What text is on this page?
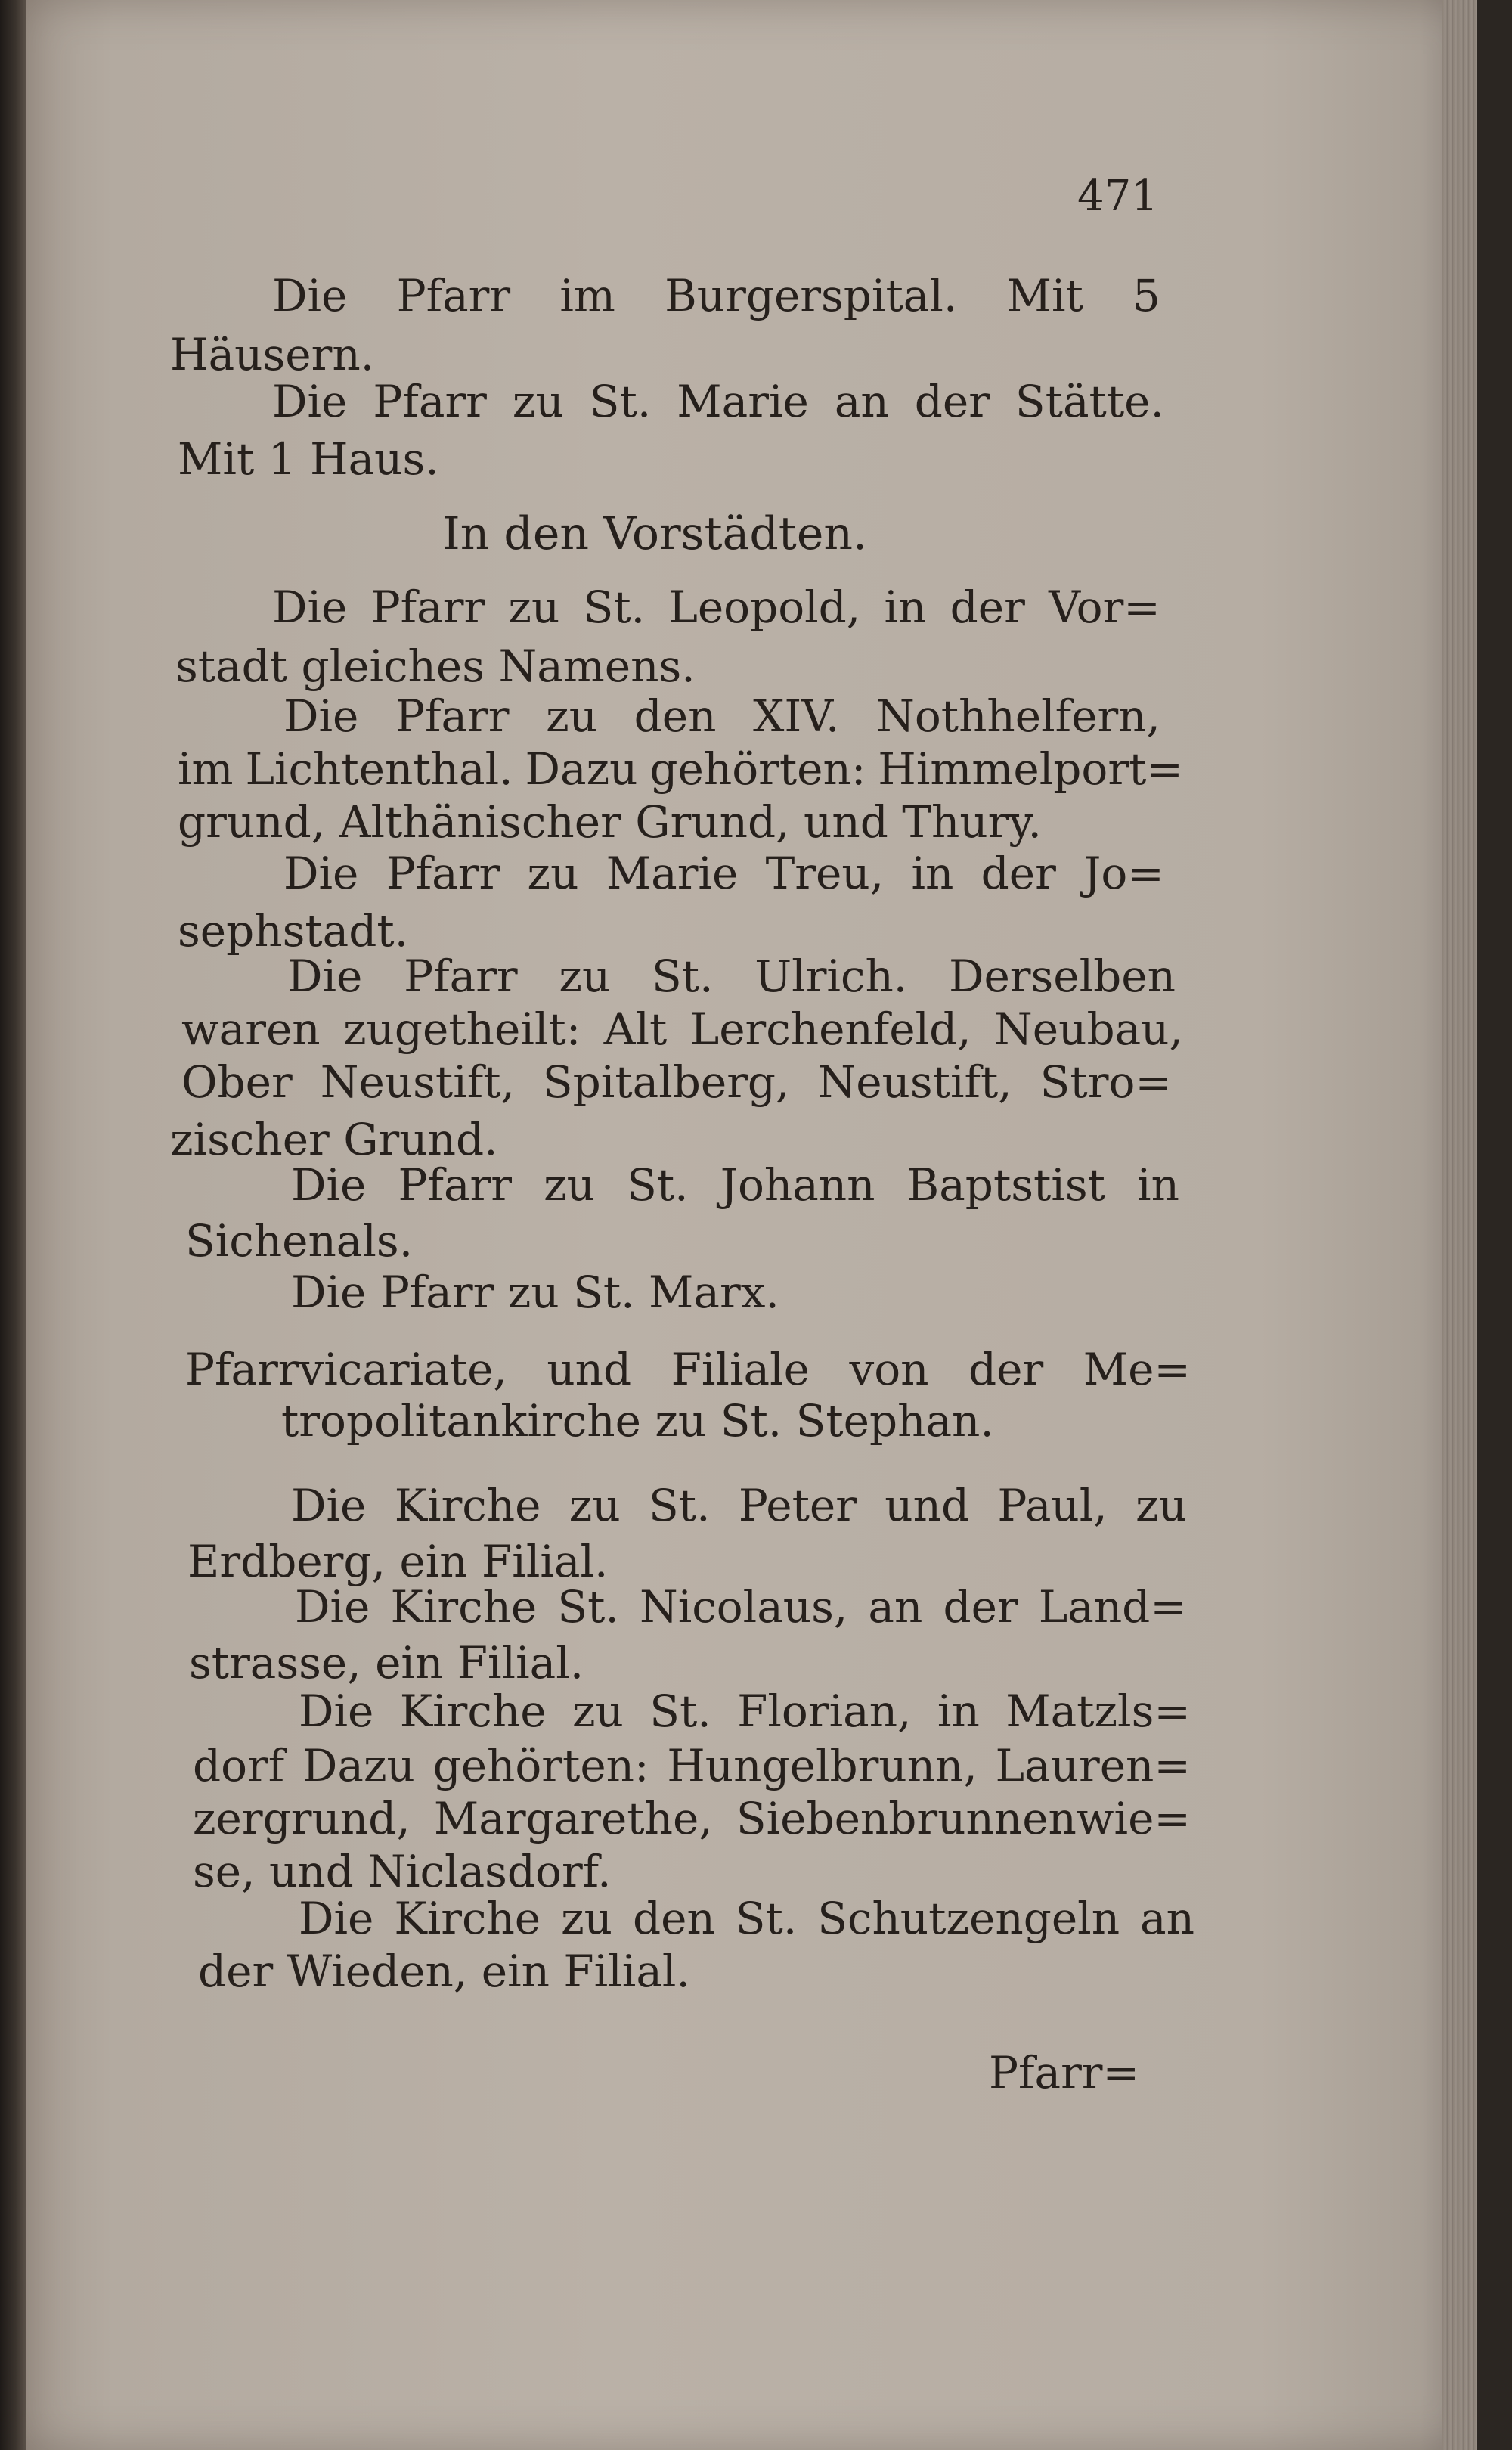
471
Die Pfarr im Burgerspital. Mit 5
Häusern.
Die Pfarr zu St. Marie an der Stätte.
Mit 1 Haus.
In den Vorstädten.
Die Pfarr zu St. Leopold, in der Vor=
stadt gleiches Namens.
Die Pfarr zu den XIV. Nothhelfern,
im Lichtenthal. Dazu gehörten: Himmelport=
grund, Althänischer Grund, und Thury.
Die Pfarr zu Marie Treu, in der Jo=
sephstadt.
Die Pfarr zu St. Ulrich. Derselben
waren zugetheilt: Alt Lerchenfeld, Neubau,
Ober Neustift, Spitalberg, Neustift, Stro=
zischer Grund.
Die Pfarr zu St. Johann Baptstist in
Sichenals.
Die Pfarr zu St. Marx.
Pfarrvicariate, und Filiale von der Me=
tropolitankirche zu St. Stephan.
Die Kirche zu St. Peter und Paul, zu
Erdberg, ein Filial.
Die Kirche St. Nicolaus, an der Land=
strasse, ein Filial.
Die Kirche zu St. Florian, in Matzls=
dorf Dazu gehörten: Hungelbrunn, Lauren=
zergrund, Margarethe, Siebenbrunnenwie=
se, und Niclasdorf.
Die Kirche zu den St. Schutzengeln an
der Wieden, ein Filial.
Pfarr=
